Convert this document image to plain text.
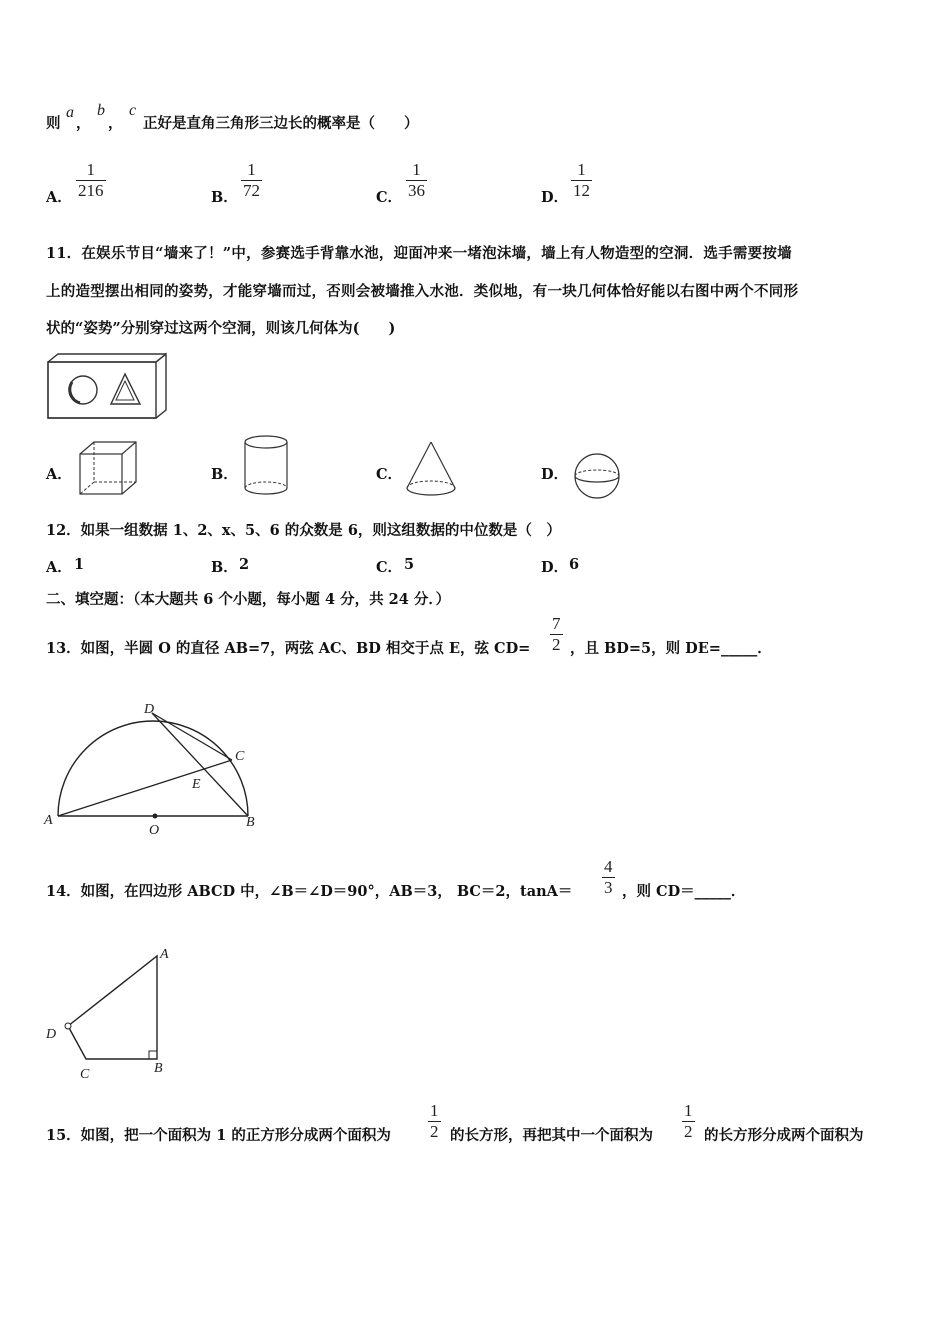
则
a
，
b
，
c
正好是直角三角形三边长的概率是（　　）
A．
1
216	B．
1
72	C．
1
36	D．
1
12
11．在娱乐节目“墙来了！”中，参赛选手背靠水池，迎面冲来一堵泡沫墙，墙上有人物造型的空洞．选手需要按墙
上的造型摆出相同的姿势，才能穿墙而过，否则会被墙推入水池．类似地，有一块几何体恰好能以右图中两个不同形
状的“姿势”分别穿过这两个空洞，则该几何体为(　　)
A．	B．	C．	D．
12．如果一组数据 1、2、x、5、6 的众数是 6，则这组数据的中位数是（　）
A． 1	B． 2	C． 5	D． 6
二、填空题：（本大题共 6 个小题，每小题 4 分，共 24 分．）
13．如图，半圆 O 的直径 AB=7，两弦 AC、BD 相交于点 E，弦 CD=
7
2 ，且 BD=5，则 DE=_____．
D
C
E
A	B
O
14．如图，在四边形 ABCD 中，∠B＝∠D＝90°，AB＝3， BC＝2，tanA＝
4
3 ，则 CD＝_____．
A
B
C
D
15．如图，把一个面积为 1 的正方形分成两个面积为
1
2 的长方形，再把其中一个面积为
1
2 的长方形分成两个面积为
